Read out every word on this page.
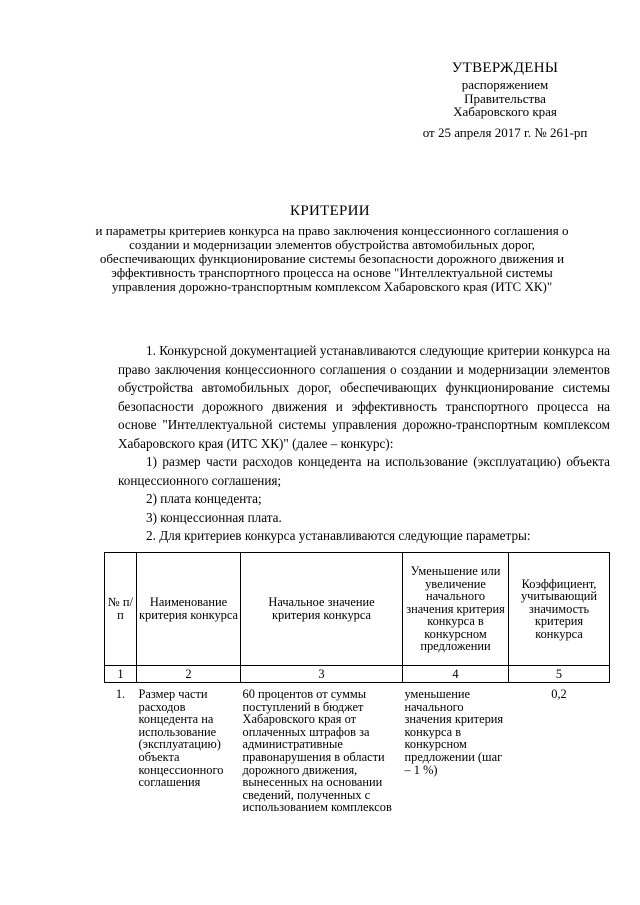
УТВЕРЖДЕНЫ
распоряжением
Правительства
Хабаровского края
от 25 апреля 2017 г. № 261-рп
КРИТЕРИИ
и параметры критериев конкурса на право заключения концессионного соглашения о создании и модернизации элементов обустройства автомобильных дорог, обеспечивающих функционирование системы безопасности дорожного движения и эффективность транспортного процесса на основе "Интеллектуальной системы управления дорожно-транспортным комплексом Хабаровского края (ИТС ХК)"

1. Конкурсной документацией устанавливаются следующие критерии конкурса на право заключения концессионного соглашения о создании и модернизации элементов обустройства автомобильных дорог, обеспечивающих функционирование системы безопасности дорожного движения и эффективность транспортного процесса на основе "Интеллектуальной системы управления дорожно-транспортным комплексом Хабаровского края (ИТС ХК)" (далее – конкурс):

1) размер части расходов концедента на использование (эксплуатацию) объекта концессионного соглашения;

2) плата концедента;

3) концессионная плата.

2. Для критериев конкурса устанавливаются следующие параметры:

№ п/п	Наименование критерия конкурса	Начальное значение критерия конкурса	Уменьшение или увеличение начального значения критерия конкурса в конкурсном предложении	Коэффициент, учитывающий значимость критерия конкурса
1	2	3	4	5
1.	Размер части расходов концедента на использование (эксплуатацию) объекта концессионного соглашения	60 процентов от суммы поступлений в бюджет Хабаровского края от оплаченных штрафов за административные правонарушения в области дорожного движения, вынесенных на основании сведений, полученных с использованием комплексов	уменьшение начального значения критерия конкурса в конкурсном предложении (шаг – 1 %)	0,2
